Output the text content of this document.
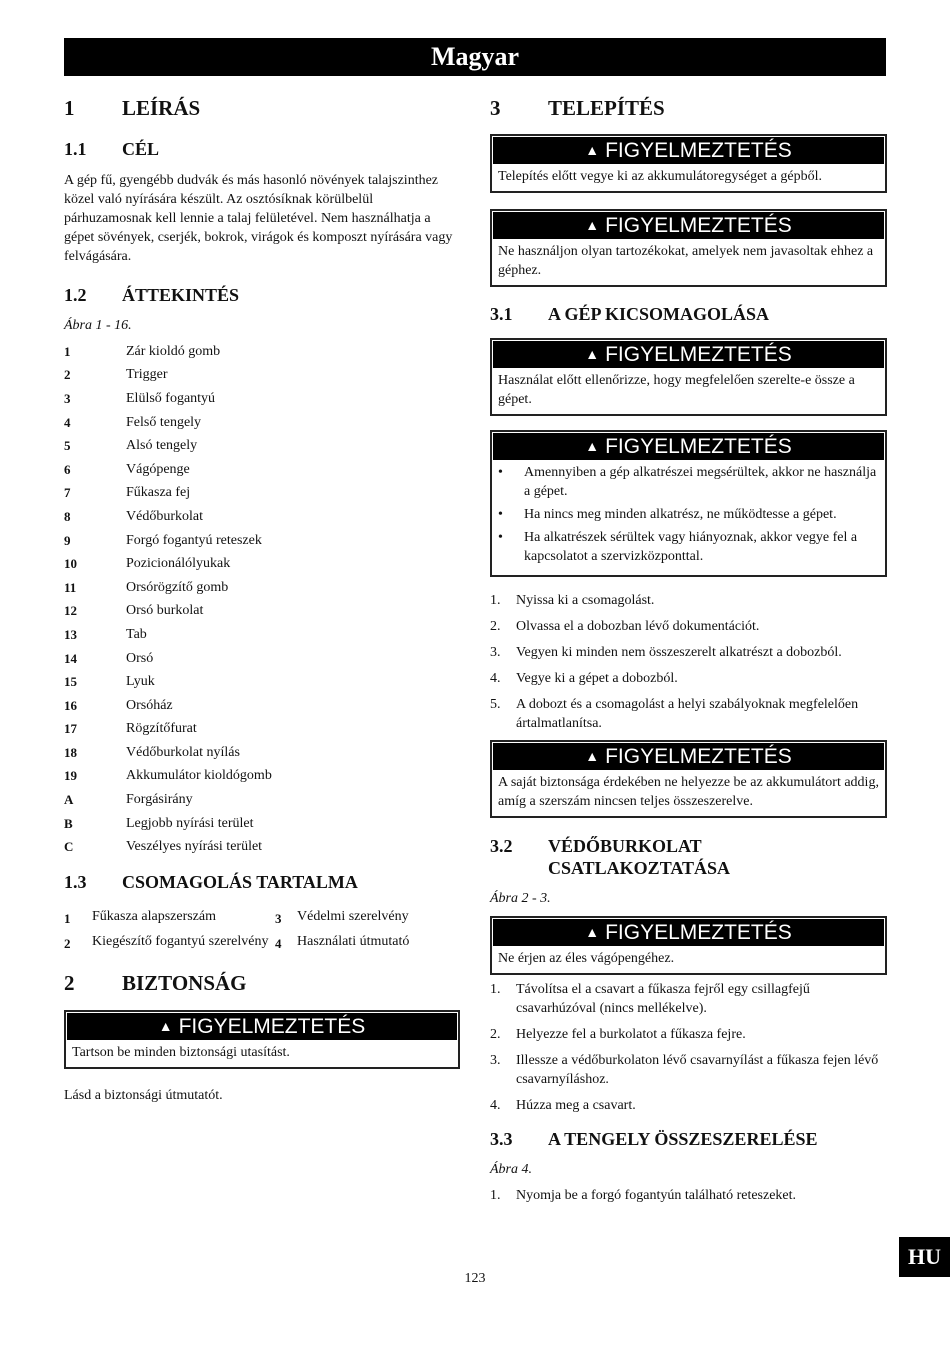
Magyar
1	LEÍRÁS
1.1	CÉL

A gép fű, gyengébb dudvák és más hasonló növények talajszinthez közel való nyírására készült. Az osztósíknak körülbelül párhuzamosnak kell lennie a talaj felületével. Nem használhatja a gépet sövények, cserjék, bokrok, virágok és komposzt nyírására vagy felvágására.

1.2	ÁTTEKINTÉS
Ábra 1 - 16.
1	Zár kioldó gomb
2	Trigger
3	Elülső fogantyú
4	Felső tengely
5	Alsó tengely
6	Vágópenge
7	Fűkasza fej
8	Védőburkolat
9	Forgó fogantyú reteszek
10	Pozicionálólyukak
11	Orsórögzítő gomb
12	Orsó burkolat
13	Tab
14	Orsó
15	Lyuk
16	Orsóház
17	Rögzítőfurat
18	Védőburkolat nyílás
19	Akkumulátor kioldógomb
A	Forgásirány
B	Legjobb nyírási terület
C	Veszélyes nyírási terület
1.3	CSOMAGOLÁS TARTALMA
1	Fűkasza alapszerszám	3	Védelmi szerelvény
2	Kiegészítő fogantyú szerelvény 4	Használati útmutató
2	BIZTONSÁG
▲ FIGYELMEZTETÉS
Tartson be minden biztonsági utasítást.

Lásd a biztonsági útmutatót.

3	TELEPÍTÉS
▲ FIGYELMEZTETÉS
Telepítés előtt vegye ki az akkumulátoregységet a gépből.
▲ FIGYELMEZTETÉS
Ne használjon olyan tartozékokat, amelyek nem javasoltak ehhez a géphez.
3.1	A GÉP KICSOMAGOLÁSA
▲ FIGYELMEZTETÉS
Használat előtt ellenőrizze, hogy megfelelően szerelte-e össze a gépet.
▲ FIGYELMEZTETÉS
•	Amennyiben a gép alkatrészei megsérültek, akkor ne használja a gépet.
•	Ha nincs meg minden alkatrész, ne működtesse a gépet.
•	Ha alkatrészek sérültek vagy hiányoznak, akkor vegye fel a kapcsolatot a szervizközponttal.
1.	Nyissa ki a csomagolást.
2.	Olvassa el a dobozban lévő dokumentációt.
3.	Vegyen ki minden nem összeszerelt alkatrészt a dobozból.
4.	Vegye ki a gépet a dobozból.
5.	A dobozt és a csomagolást a helyi szabályoknak megfelelően ártalmatlanítsa.
▲ FIGYELMEZTETÉS
A saját biztonsága érdekében ne helyezze be az akkumulátort addig, amíg a szerszám nincsen teljes összeszerelve.
3.2	VÉDŐBURKOLAT CSATLAKOZTATÁSA
Ábra 2 - 3.
▲ FIGYELMEZTETÉS
Ne érjen az éles vágópengéhez.
1.	Távolítsa el a csavart a fűkasza fejről egy csillagfejű csavarhúzóval (nincs mellékelve).
2.	Helyezze fel a burkolatot a fűkasza fejre.
3.	Illessze a védőburkolaton lévő csavarnyílást a fűkasza fejen lévő csavarnyíláshoz.
4.	Húzza meg a csavart.
3.3	A TENGELY ÖSSZESZERELÉSE
Ábra 4.
1.	Nyomja be a forgó fogantyún található reteszeket.
HU
123
